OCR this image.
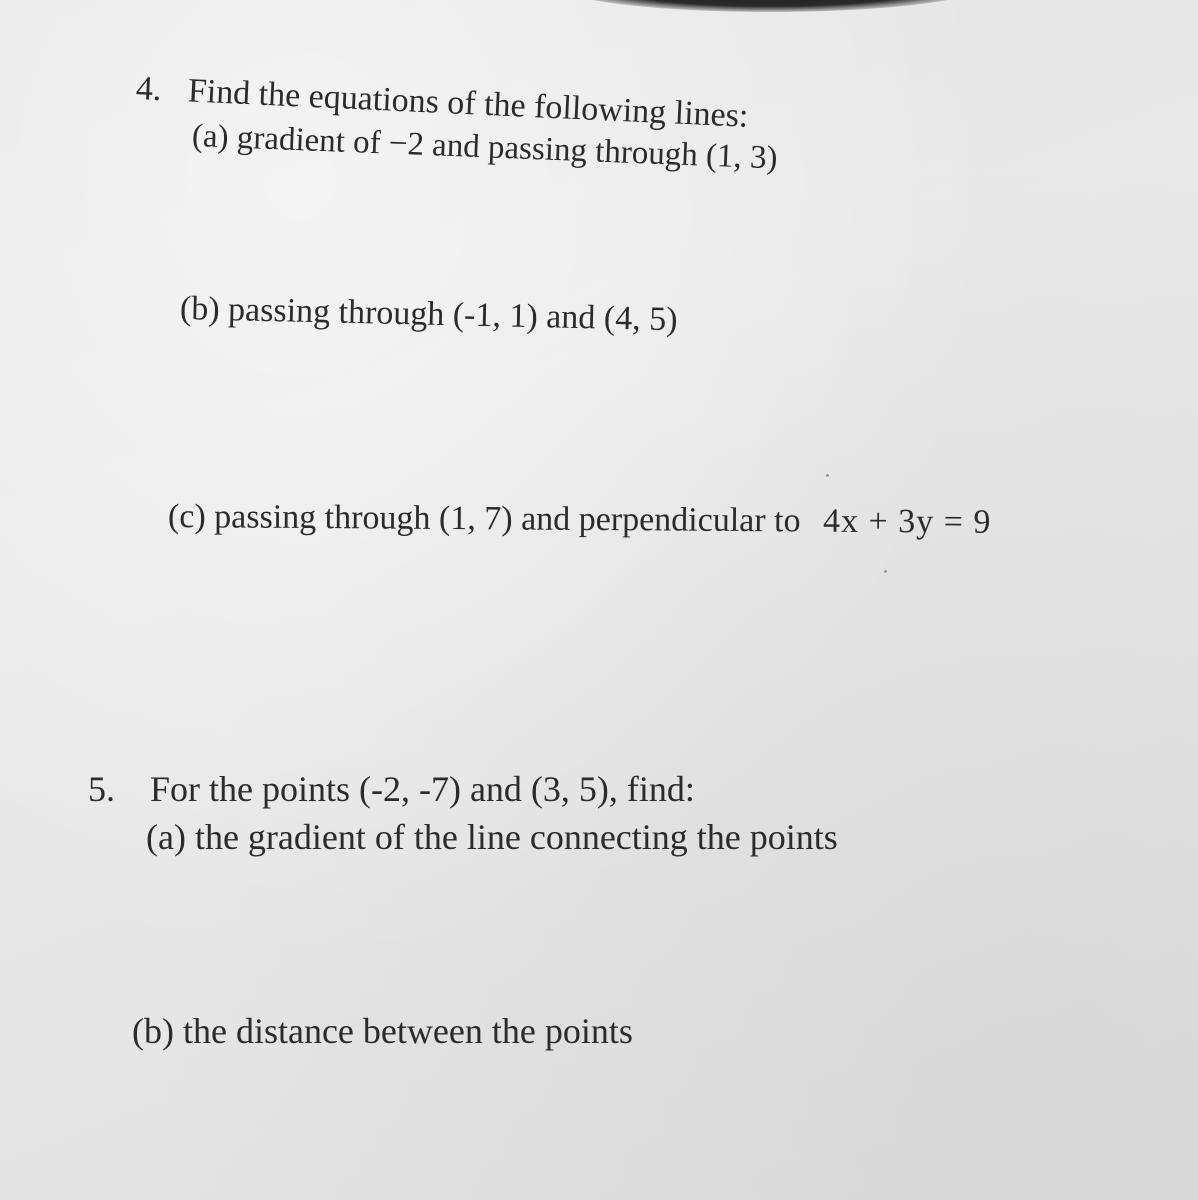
4. Find the equations of the following lines:
(a) gradient of −2 and passing through (1, 3)
(b) passing through (-1, 1) and (4, 5)
(c) passing through (1, 7) and perpendicular to 4x + 3y = 9
5. For the points (-2, -7) and (3, 5), find:
(a) the gradient of the line connecting the points
(b) the distance between the points
